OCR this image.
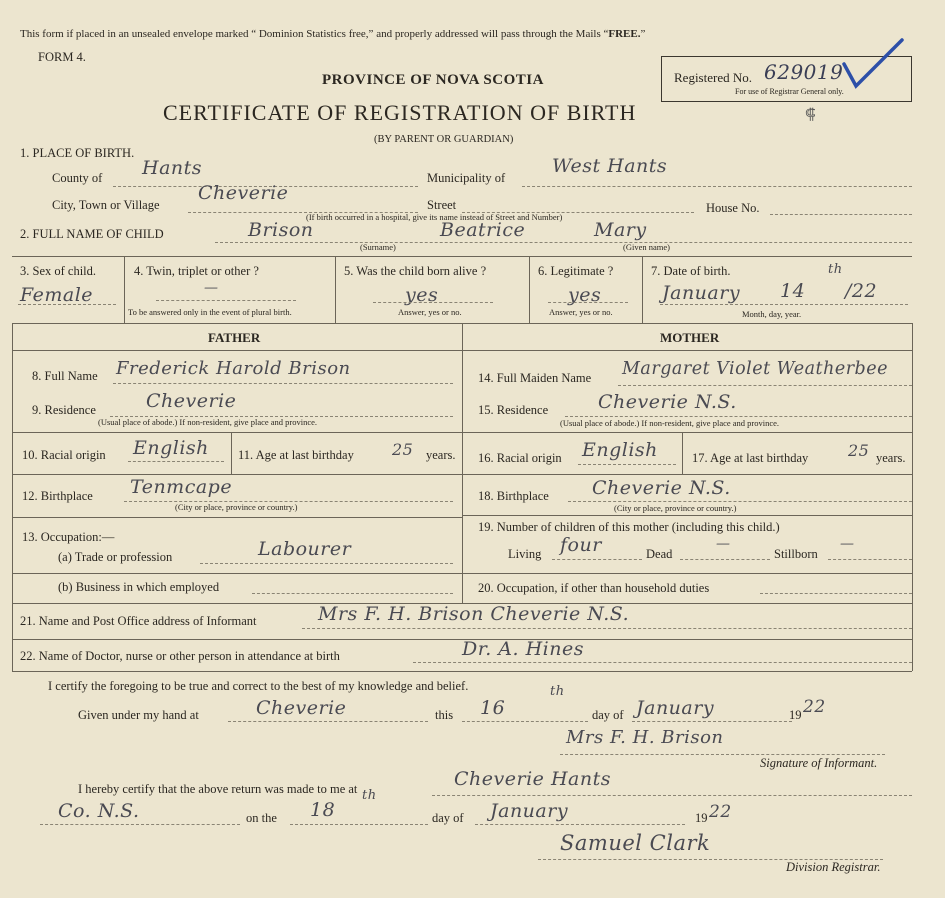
This form if placed in an unsealed envelope marked “ Dominion Statistics free,” and properly addressed will pass through the Mails “FREE.”
FORM 4.
Registered No. 629019
For use of Registrar General only.
PROVINCE OF NOVA SCOTIA
CERTIFICATE OF REGISTRATION OF BIRTH
(BY PARENT OR GUARDIAN)
⸿
1. PLACE OF BIRTH.
County of Hants	Municipality of
West Hants
City, Town or Village
Cheverie
Street	House No.
(If birth occurred in a hospital, give its name instead of Street and Number)
2. FULL NAME OF CHILD	Brison	Beatrice	Mary
(Surname)	(Given name)
3. Sex of child.
Female
4. Twin, triplet or other ?
—
To be answered only in the event of plural birth.
5. Was the child born alive ?
yes
Answer, yes or no.
6. Legitimate ?
yes
Answer, yes or no.
7. Date of birth.
January 14
th
/22
Month, day, year.
FATHER	MOTHER
8. Full Name Frederick Harold Brison
9. Residence	Cheverie
(Usual place of abode.) If non-resident, give place and province.
10. Racial origin English 11. Age at last birthday 25 years.
12. Birthplace Tenmcape
(City or place, province or country.)
13. Occupation:—
(a) Trade or profession	Labourer
(b) Business in which employed
14. Full Maiden Name Margaret Violet Weatherbee
15. Residence	Cheverie N.S.
(Usual place of abode.) If non-resident, give place and province.
16. Racial origin English	17. Age at last birthday 25 years.
18. Birthplace Cheverie N.S.
(City or place, province or country.)
19. Number of children of this mother (including this child.)
Living four	Dead
—
Stillborn
—
20. Occupation, if other than household duties
21. Name and Post Office address of Informant	Mrs F. H. Brison Cheverie N.S.
22. Name of Doctor, nurse or other person in attendance at birth	Dr. A. Hines
I certify the foregoing to be true and correct to the best of my knowledge and belief.
Given under my hand at	Cheverie	this 16
th
day of January	19 22
Mrs F. H. Brison
Signature of Informant.
I hereby certify that the above return was made to me at	Cheverie Hants
Co. N.S.	on the 18
th
day of January	19 22
Samuel Clark
Division Registrar.
